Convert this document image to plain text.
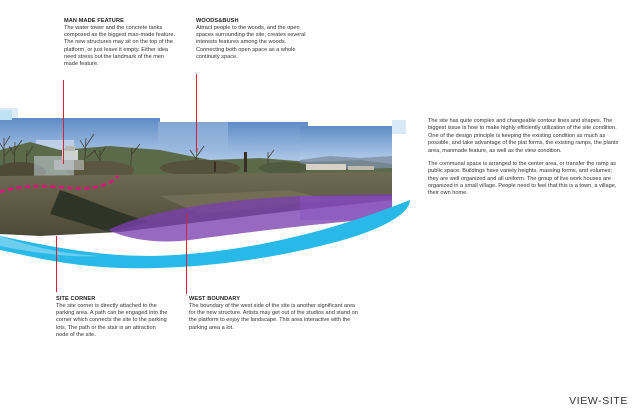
MAN MADE FEATURE
The water tower and the concrete tanks composed as the biggest man-made feature. The new structures may sit on the top of the platform, or just leave it empty. Either idea need stress out the landmark of the men made feature.
WOODS&BUSH
Attract people to the woods, and the open spaces surrounding the site; creates several interests features among the woods. Connecting both open space as a whole continuity space.
SITE CORNER
The site corner is directly attached to the parking area. A path can be engaged into the corner which connects the site to the parking lots. The path or the stair is an attraction node of the site.
WEST BOUNDARY
The boundary of the west side of the site is another significant area for the new structure. Artists may get out of the studios and stand on the platform to enjoy the landscape. This area interactive with the parking area a lot.
The site has quite complex and changeable contour lines and shapes. The biggest issue is how to make highly efficiently utilization of the site condition. One of the design principle is keeping the existing condition as much as possible, and take advantage of the plat forms, the existing ramps, the plants area, manmade feature, as well as the view condition.
The communal space is arranged to the center area, or transfer the ramp as public space. Buildings have variety heights, massing forms, and volumes; they are well organized and all uniform. The group of live work houses are organized in a small village. People need to feel that this is a town, a village, their own home.
VIEW-SITE
